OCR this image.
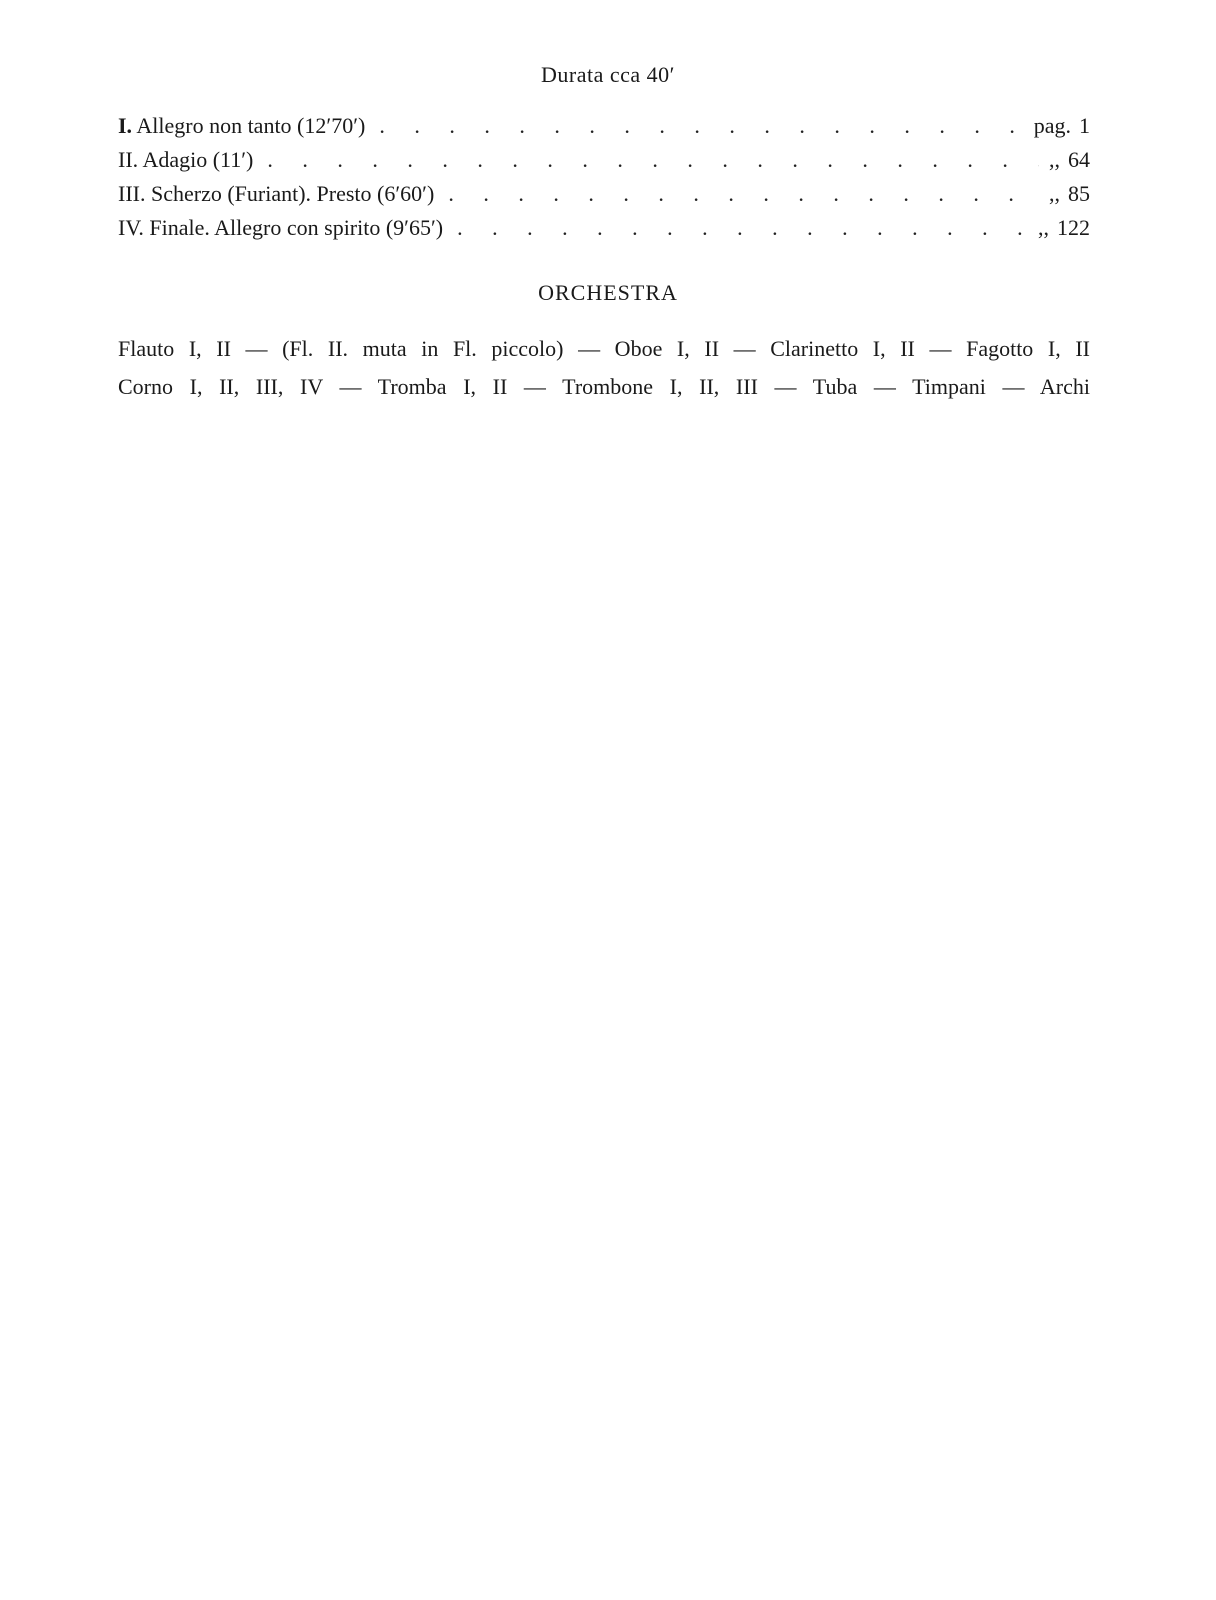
Durata cca 40′
I. Allegro non tanto (12′70′) . . .	pag. 1
II. Adagio (11′) . . .	,, 64
III. Scherzo (Furiant). Presto (6′60′) . . .	,, 85
IV. Finale. Allegro con spirito (9′65′) . . .	,, 122
ORCHESTRA
Flauto I, II — (Fl. II. muta in Fl. piccolo) — Oboe I, II — Clarinetto I, II — Fagotto I, II
Corno I, II, III, IV — Tromba I, II — Trombone I, II, III — Tuba — Timpani — Archi
